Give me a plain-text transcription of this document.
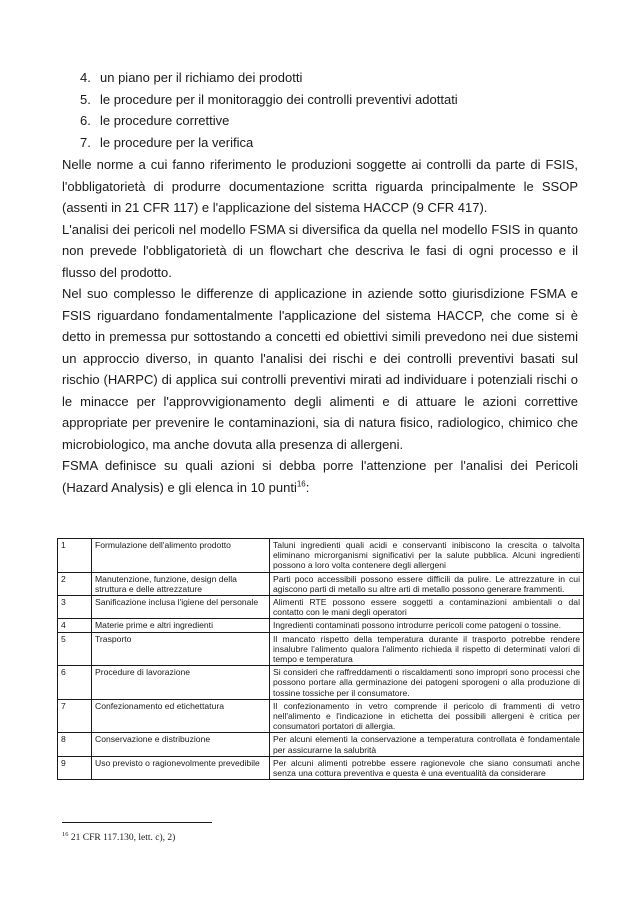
4. un piano per il richiamo dei prodotti
5. le procedure per il monitoraggio dei controlli preventivi adottati
6. le procedure correttive
7. le procedure per la verifica

Nelle norme a cui fanno riferimento le produzioni soggette ai controlli da parte di FSIS, l'obbligatorietà di produrre documentazione scritta riguarda principalmente le SSOP (assenti in 21 CFR 117) e l'applicazione del sistema HACCP (9 CFR 417).

L'analisi dei pericoli nel modello FSMA si diversifica da quella nel modello FSIS in quanto non prevede l'obbligatorietà di un flowchart che descriva le fasi di ogni processo e il flusso del prodotto.

Nel suo complesso le differenze di applicazione in aziende sotto giurisdizione FSMA e FSIS riguardano fondamentalmente l'applicazione del sistema HACCP, che come si è detto in premessa pur sottostando a concetti ed obiettivi simili prevedono nei due sistemi un approccio diverso, in quanto l'analisi dei rischi e dei controlli preventivi basati sul rischio (HARPC) di applica sui controlli preventivi mirati ad individuare i potenziali rischi o le minacce per l'approvvigionamento degli alimenti e di attuare le azioni correttive appropriate per prevenire le contaminazioni, sia di natura fisico, radiologico, chimico che microbiologico, ma anche dovuta alla presenza di allergeni.

FSMA definisce su quali azioni si debba porre l'attenzione per l'analisi dei Pericoli (Hazard Analysis) e gli elenca in 10 punti$^{16}$:

1	Formulazione dell'alimento prodotto	Taluni ingredienti quali acidi e conservanti inibiscono la crescita o talvolta eliminano microrganismi significativi per la salute pubblica. Alcuni ingredienti possono a loro volta contenere degli allergeni
2	Manutenzione, funzione, design della struttura e delle attrezzature	Parti poco accessibili possono essere difficili da pulire. Le attrezzature in cui agiscono parti di metallo su altre arti di metallo possono generare frammenti.
3	Sanificazione inclusa l'igiene del personale	Alimenti RTE possono essere soggetti a contaminazioni ambientali o dal contatto con le mani degli operatori
4	Materie prime e altri ingredienti	Ingredienti contaminati possono introdurre pericoli come patogeni o tossine.
5	Trasporto	Il mancato rispetto della temperatura durante il trasporto potrebbe rendere insalubre l'alimento qualora l'alimento richieda il rispetto di determinati valori di tempo e temperatura
6	Procedure di lavorazione	Si consideri che raffreddamenti o riscaldamenti sono impropri sono processi che possono portare alla germinazione dei patogeni sporogeni o alla produzione di tossine tossiche per il consumatore.
7	Confezionamento ed etichettatura	Il confezionamento in vetro comprende il pericolo di frammenti di vetro nell'alimento e l'indicazione in etichetta dei possibili allergeni è critica per consumatori portatori di allergia.
8	Conservazione e distribuzione	Per alcuni elementi la conservazione a temperatura controllata è fondamentale per assicurarne la salubrità
9	Uso previsto o ragionevolmente prevedibile	Per alcuni alimenti potrebbe essere ragionevole che siano consumati anche senza una cottura preventiva e questa è una eventualità da considerare
$^{16}$ 21 CFR 117.130, lett. c), 2)
